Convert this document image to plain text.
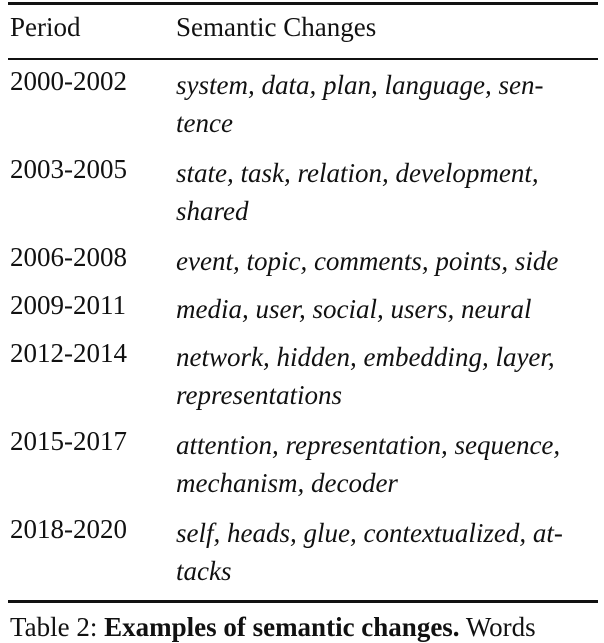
Period	Semantic Changes
2000-2002 system, data, plan, language, sen-
tence
2003-2005 state, task, relation, development,
shared
2006-2008 event, topic, comments, points, side
2009-2011 media, user, social, users, neural
2012-2014 network, hidden, embedding, layer,
representations
2015-2017 attention, representation, sequence,
mechanism, decoder
2018-2020 self, heads, glue, contextualized, at-
tacks
Table 2: Examples of semantic changes. Words
